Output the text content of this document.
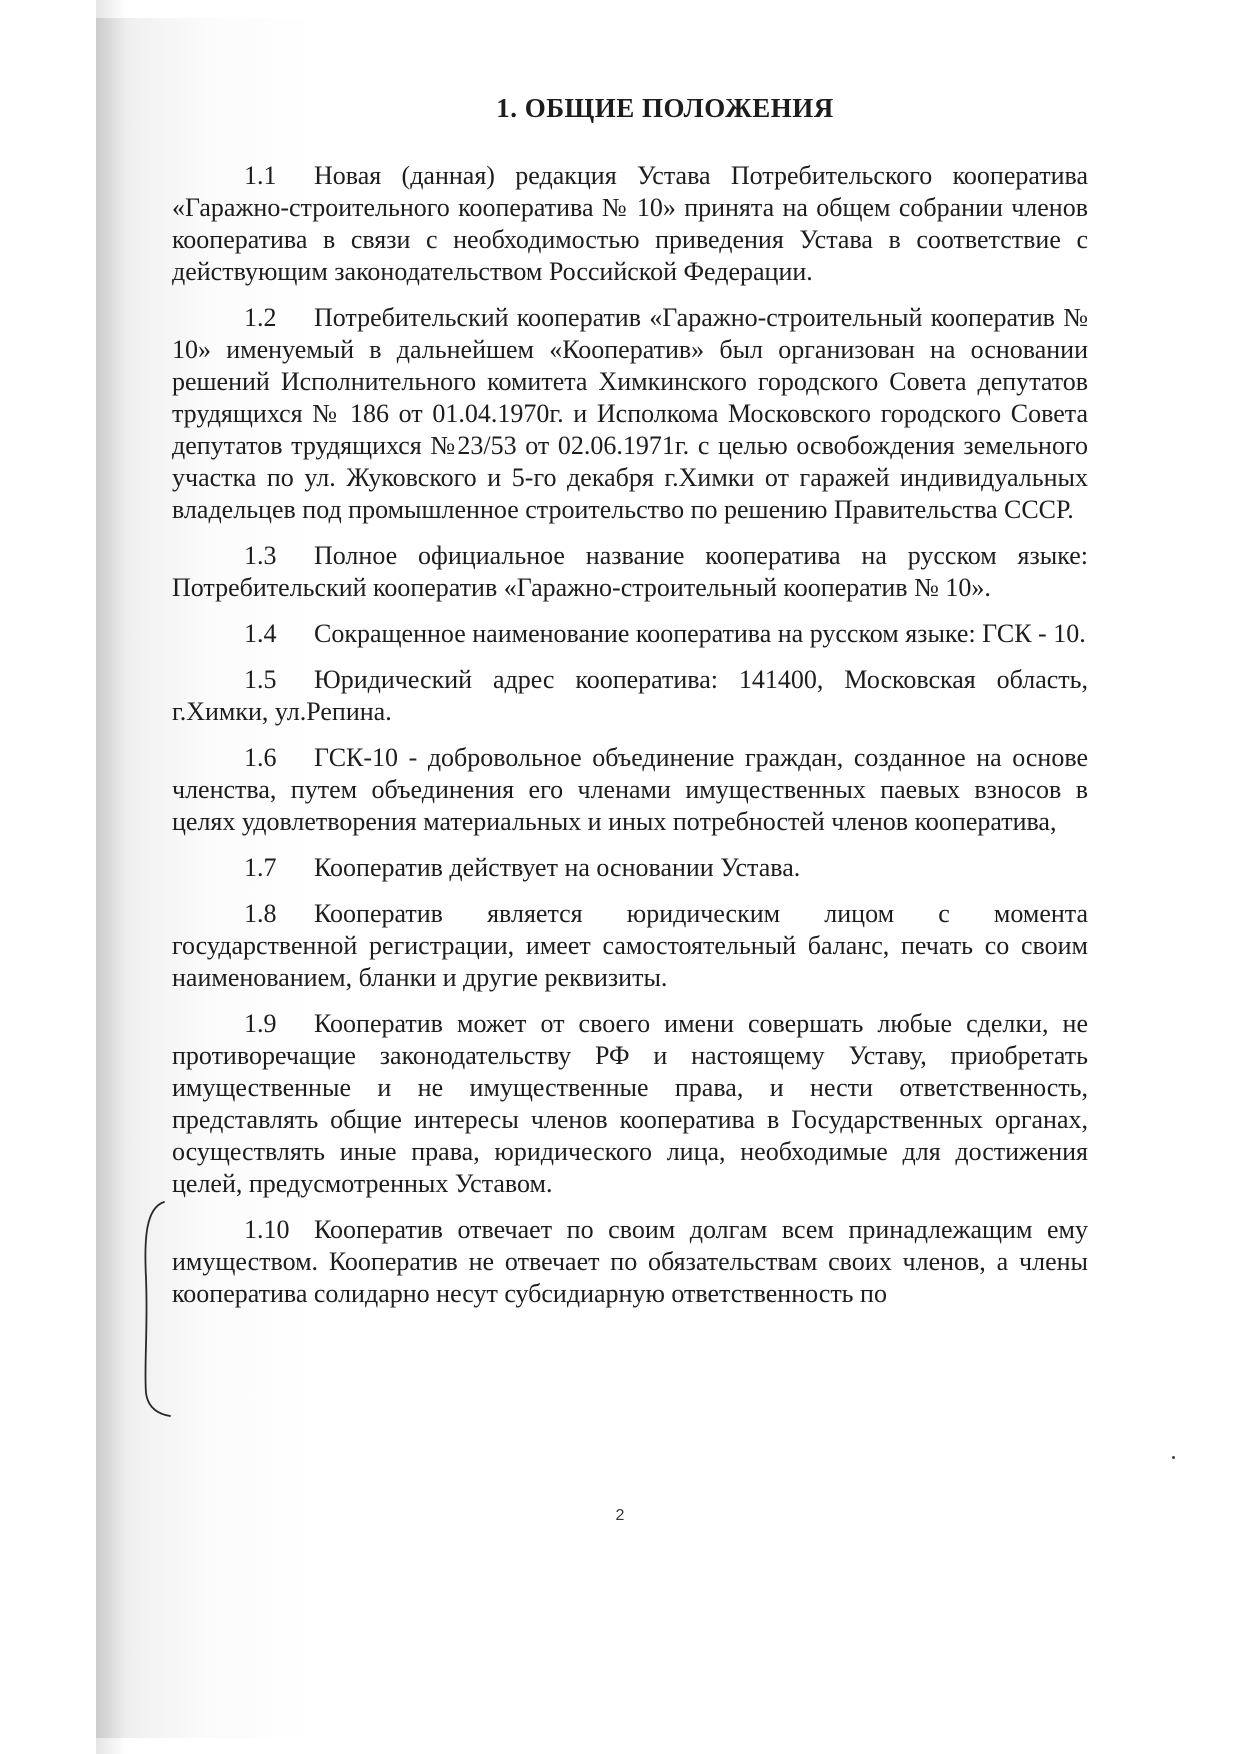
1. ОБЩИЕ ПОЛОЖЕНИЯ

1.1 Новая (данная) редакция Устава Потребительского кооператива «Гаражно-строительного кооператива № 10» принята на общем собрании членов кооператива в связи с необходимостью приведения Устава в соответствие с действующим законодательством Российской Федерации.

1.2 Потребительский кооператив «Гаражно-строительный кооператив № 10» именуемый в дальнейшем «Кооператив» был организован на основании решений Исполнительного комитета Химкинского городского Совета депутатов трудящихся № 186 от 01.04.1970г. и Исполкома Московского городского Совета депутатов трудящихся №23/53 от 02.06.1971г. с целью освобождения земельного участка по ул. Жуковского и 5-го декабря г.Химки от гаражей индивидуальных владельцев под промышленное строительство по решению Правительства СССР.

1.3 Полное официальное название кооператива на русском языке: Потребительский кооператив «Гаражно-строительный кооператив № 10».

1.4 Сокращенное наименование кооператива на русском языке: ГСК - 10.

1.5 Юридический адрес кооператива: 141400, Московская область, г.Химки, ул.Репина.

1.6 ГСК-10 - добровольное объединение граждан, созданное на основе членства, путем объединения его членами имущественных паевых взносов в целях удовлетворения материальных и иных потребностей членов кооператива,

1.7 Кооператив действует на основании Устава.

1.8 Кооператив является юридическим лицом с момента государственной регистрации, имеет самостоятельный баланс, печать со своим наименованием, бланки и другие реквизиты.

1.9 Кооператив может от своего имени совершать любые сделки, не противоречащие законодательству РФ и настоящему Уставу, приобретать имущественные и не имущественные права, и нести ответственность, представлять общие интересы членов кооператива в Государственных органах, осуществлять иные права, юридического лица, необходимые для достижения целей, предусмотренных Уставом.

1.10 Кооператив отвечает по своим долгам всем принадлежащим ему имуществом. Кооператив не отвечает по обязательствам своих членов, а члены кооператива солидарно несут субсидиарную ответственность по

2
